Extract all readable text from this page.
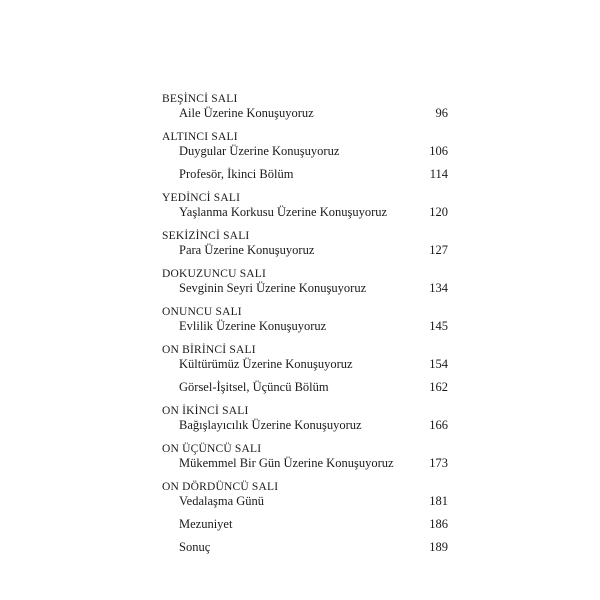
BEŞİNCİ SALI
Aile Üzerine Konuşuyoruz	96
ALTINCI SALI
Duygular Üzerine Konuşuyoruz	106
Profesör, İkinci Bölüm	114
YEDİNCİ SALI
Yaşlanma Korkusu Üzerine Konuşuyoruz	120
SEKİZİNCİ SALI
Para Üzerine Konuşuyoruz	127
DOKUZUNCU SALI
Sevginin Seyri Üzerine Konuşuyoruz	134
ONUNCU SALI
Evlilik Üzerine Konuşuyoruz	145
ON BİRİNCİ SALI
Kültürümüz Üzerine Konuşuyoruz	154
Görsel-İşitsel, Üçüncü Bölüm	162
ON İKİNCİ SALI
Bağışlayıcılık Üzerine Konuşuyoruz	166
ON ÜÇÜNCÜ SALI
Mükemmel Bir Gün Üzerine Konuşuyoruz	173
ON DÖRDÜNCÜ SALI
Vedalaşma Günü	181
Mezuniyet	186
Sonuç	189
